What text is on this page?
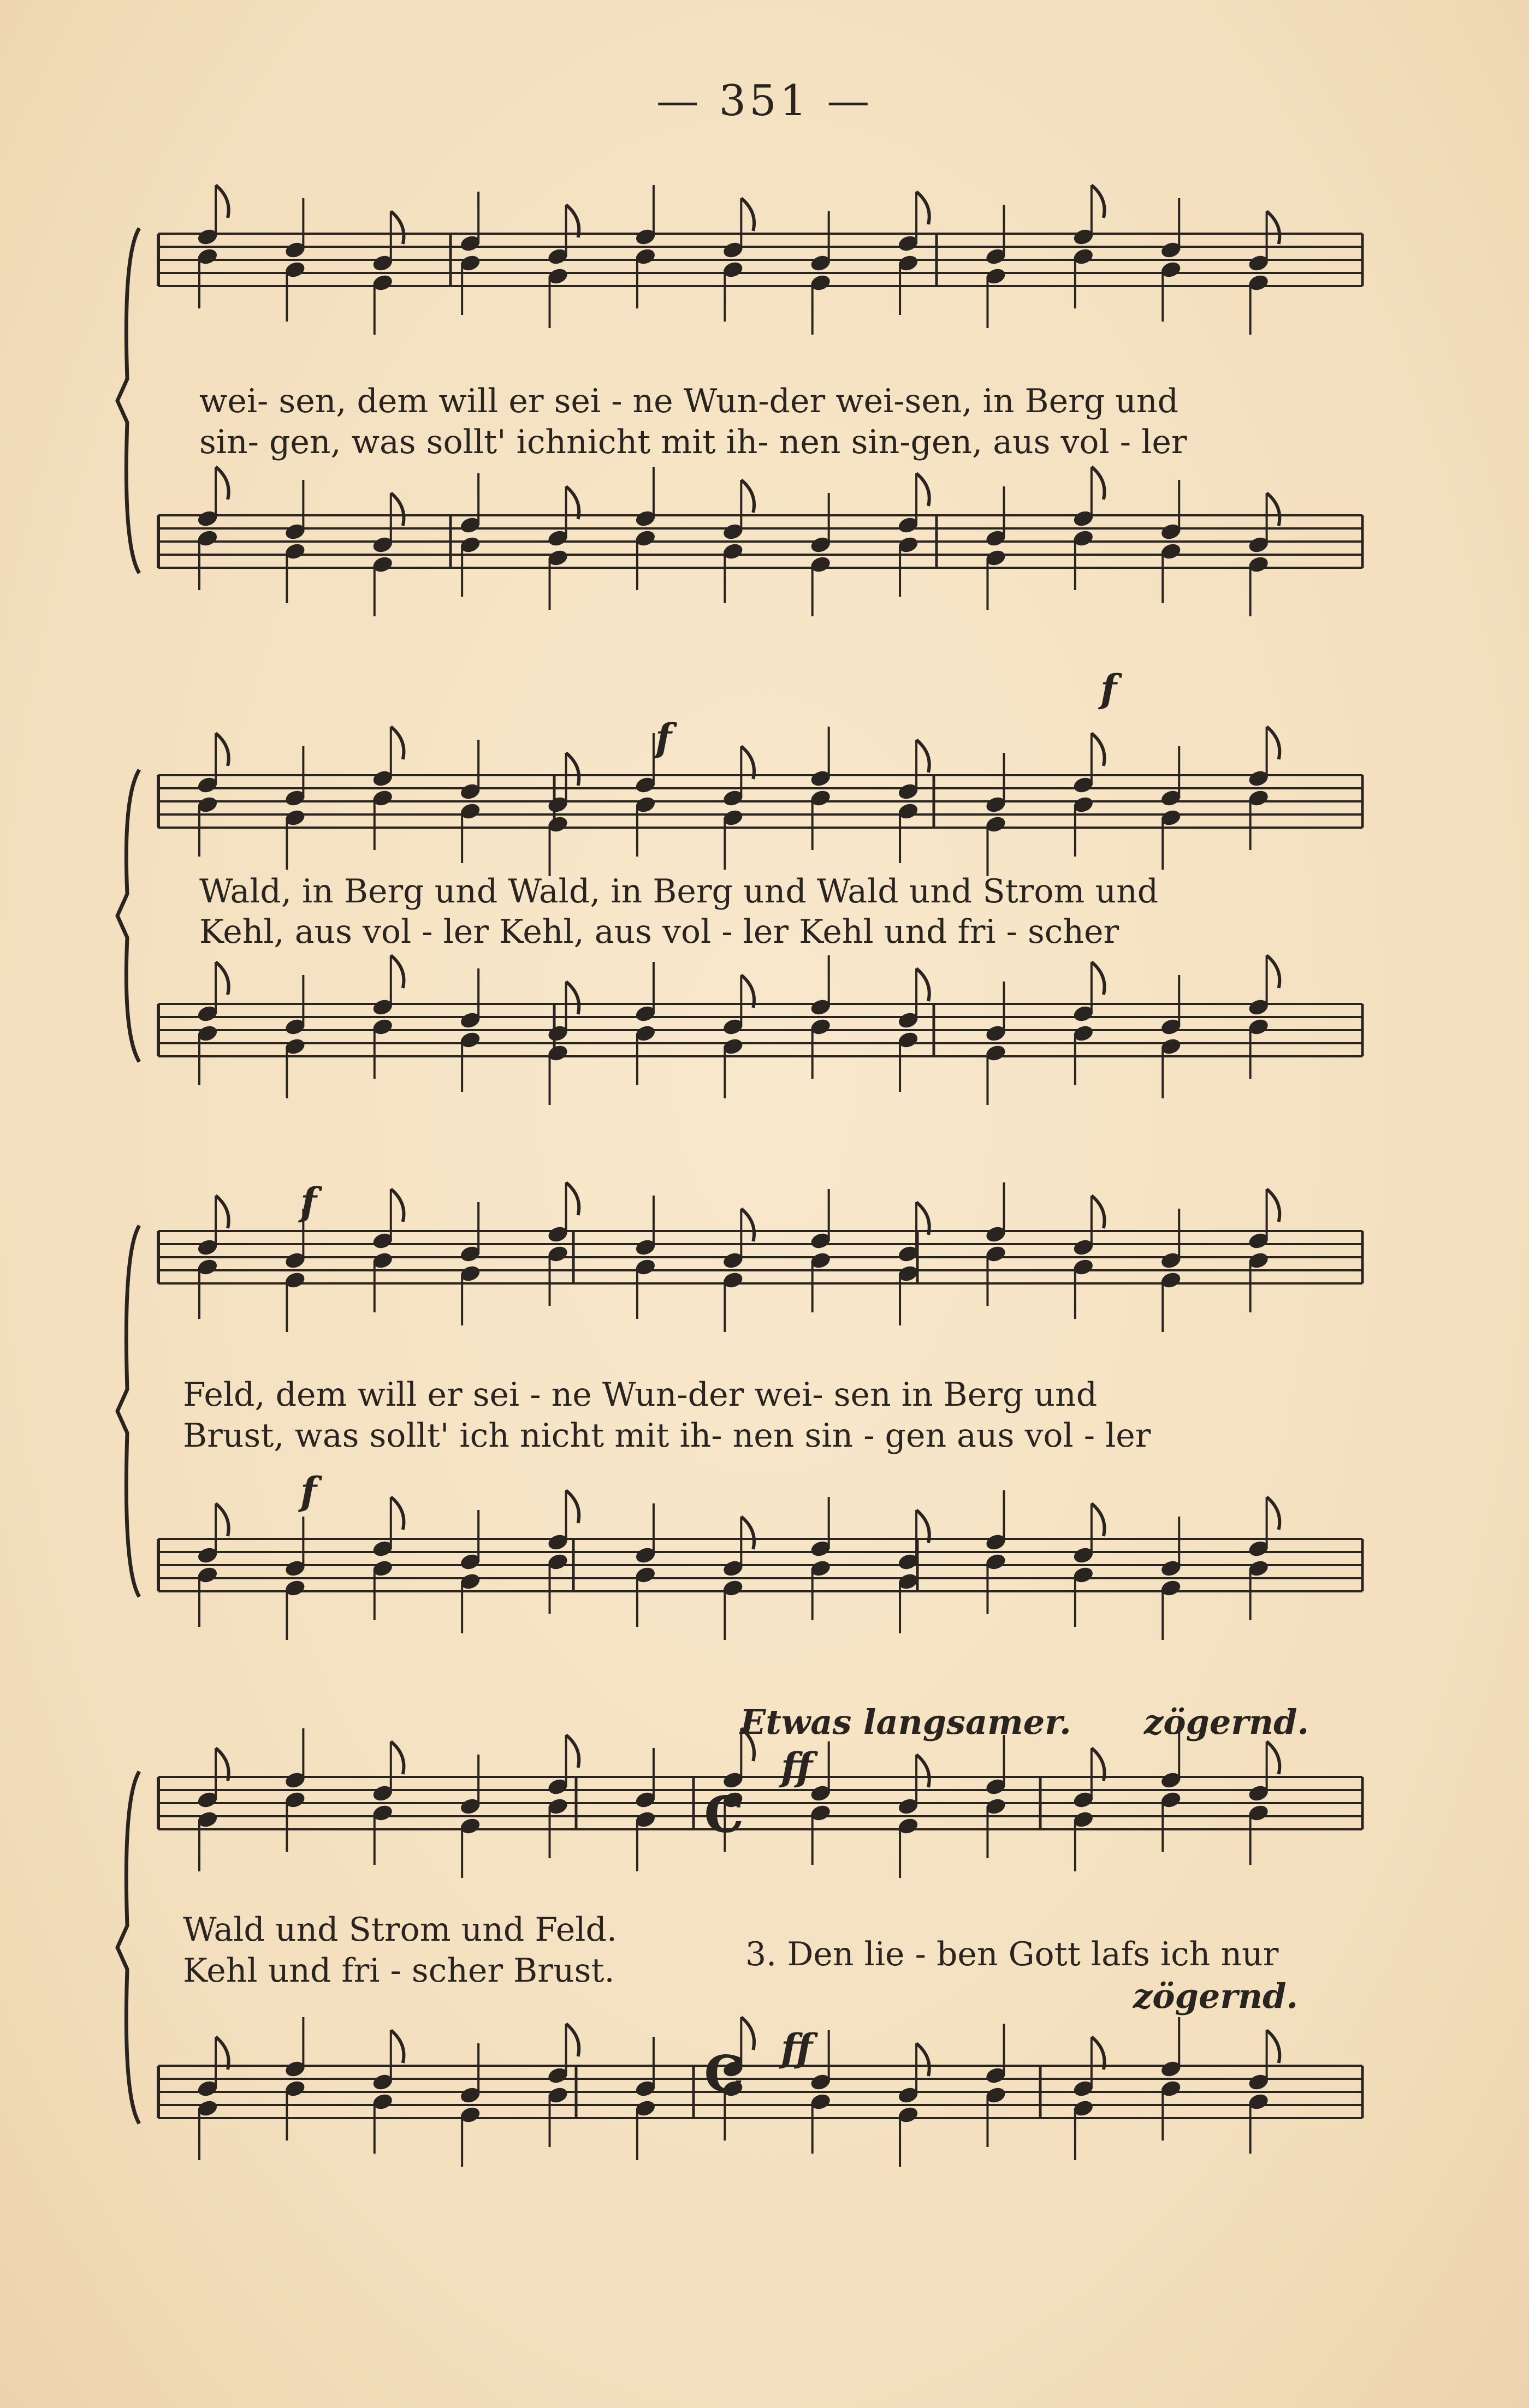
— 351 —
C
C
wei- sen, dem will er sei - ne Wun-der wei-sen, in Berg und
sin- gen, was sollt' ichnicht mit ih- nen sin-gen, aus vol - ler
f
f
Wald, in Berg und Wald, in Berg und Wald und Strom und
Kehl, aus vol - ler Kehl, aus vol - ler Kehl und fri - scher
f
Feld, dem will er sei - ne Wun-der wei- sen in Berg und
Brust, was sollt' ich nicht mit ih- nen sin - gen aus vol - ler
f
Etwas langsamer. zögernd.
ff
Wald und Strom und Feld.
Kehl und fri - scher Brust.	3. Den lie - ben Gott lafs ich nur
zögernd.
ff
